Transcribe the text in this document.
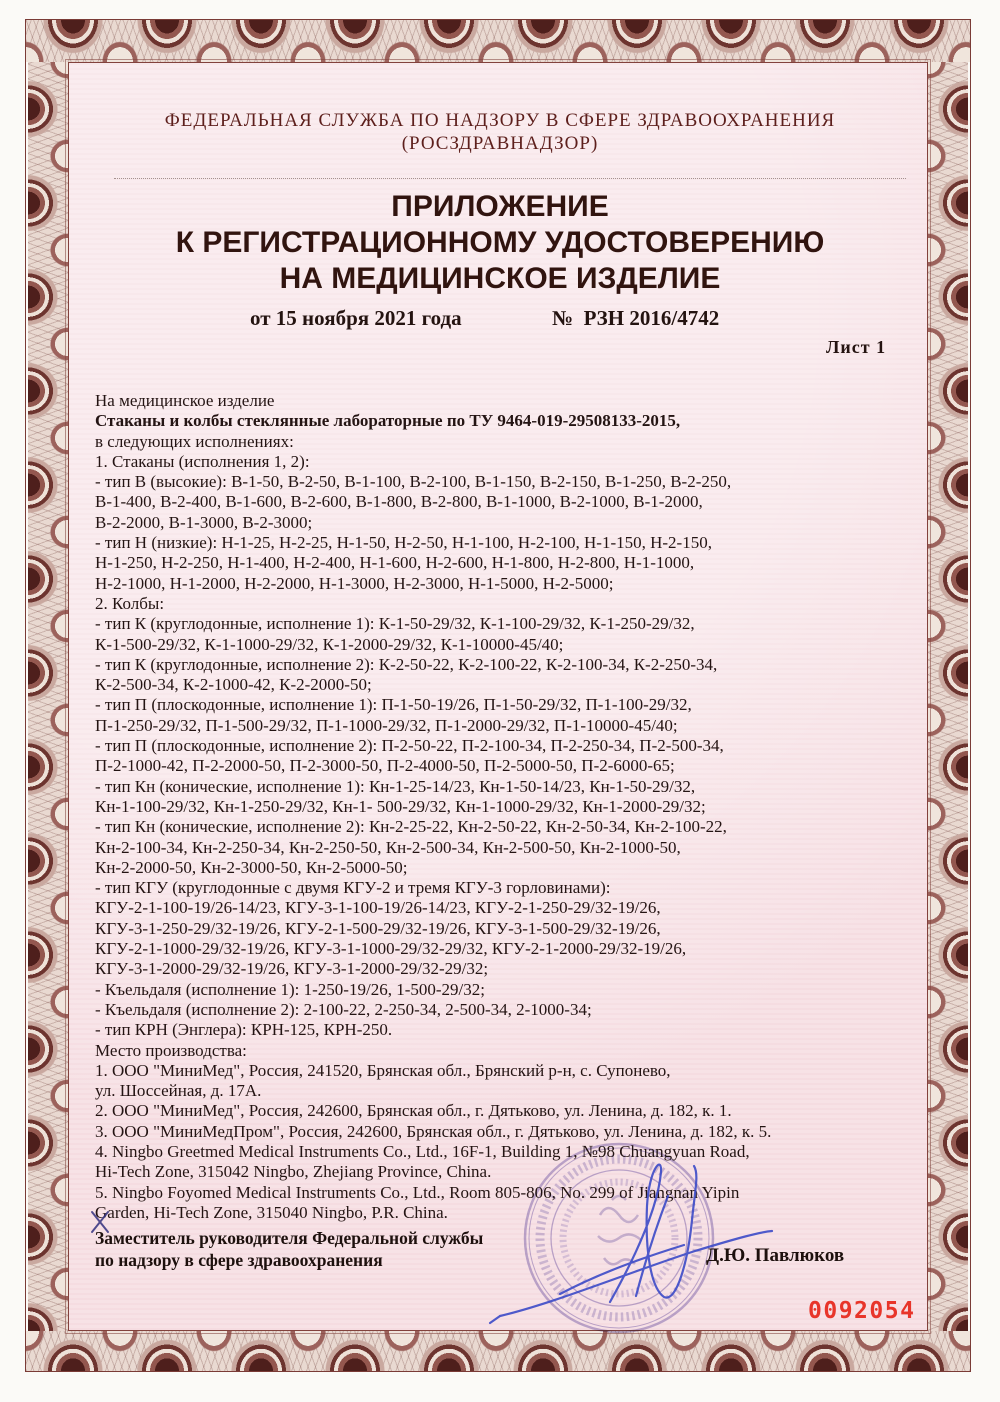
ФЕДЕРАЛЬНАЯ СЛУЖБА ПО НАДЗОРУ В СФЕРЕ ЗДРАВООХРАНЕНИЯ
(РОСЗДРАВНАДЗОР)
ПРИЛОЖЕНИЕ
К РЕГИСТРАЦИОННОМУ УДОСТОВЕРЕНИЮ
НА МЕДИЦИНСКОЕ ИЗДЕЛИЕ
от 15 ноября 2021 года	№  РЗН 2016/4742
Лист 1
На медицинское изделие
Стаканы и колбы стеклянные лабораторные по ТУ 9464-019-29508133-2015,
в следующих исполнениях:
1. Стаканы (исполнения 1, 2):
- тип В (высокие): В-1-50, В-2-50, В-1-100, В-2-100, В-1-150, В-2-150, В-1-250, В-2-250,
В-1-400, В-2-400, В-1-600, В-2-600, В-1-800, В-2-800, В-1-1000, В-2-1000, В-1-2000,
В-2-2000, В-1-3000, В-2-3000;
- тип Н (низкие): Н-1-25, Н-2-25, Н-1-50, Н-2-50, Н-1-100, Н-2-100, Н-1-150, Н-2-150,
Н-1-250, Н-2-250, Н-1-400, Н-2-400, Н-1-600, Н-2-600, Н-1-800, Н-2-800, Н-1-1000,
Н-2-1000, Н-1-2000, Н-2-2000, Н-1-3000, Н-2-3000, Н-1-5000, Н-2-5000;
2. Колбы:
- тип К (круглодонные, исполнение 1): К-1-50-29/32, К-1-100-29/32, К-1-250-29/32,
К-1-500-29/32, К-1-1000-29/32, К-1-2000-29/32, К-1-10000-45/40;
- тип К (круглодонные, исполнение 2): К-2-50-22, К-2-100-22, К-2-100-34, К-2-250-34,
К-2-500-34, К-2-1000-42, К-2-2000-50;
- тип П (плоскодонные, исполнение 1): П-1-50-19/26, П-1-50-29/32, П-1-100-29/32,
П-1-250-29/32, П-1-500-29/32, П-1-1000-29/32, П-1-2000-29/32, П-1-10000-45/40;
- тип П (плоскодонные, исполнение 2): П-2-50-22, П-2-100-34, П-2-250-34, П-2-500-34,
П-2-1000-42, П-2-2000-50, П-2-3000-50, П-2-4000-50, П-2-5000-50, П-2-6000-65;
- тип Кн (конические, исполнение 1): Кн-1-25-14/23, Кн-1-50-14/23, Кн-1-50-29/32,
Кн-1-100-29/32, Кн-1-250-29/32, Кн-1- 500-29/32, Кн-1-1000-29/32, Кн-1-2000-29/32;
- тип Кн (конические, исполнение 2): Кн-2-25-22, Кн-2-50-22, Кн-2-50-34, Кн-2-100-22,
Кн-2-100-34, Кн-2-250-34, Кн-2-250-50, Кн-2-500-34, Кн-2-500-50, Кн-2-1000-50,
Кн-2-2000-50, Кн-2-3000-50, Кн-2-5000-50;
- тип КГУ (круглодонные с двумя КГУ-2 и тремя КГУ-3 горловинами):
КГУ-2-1-100-19/26-14/23, КГУ-3-1-100-19/26-14/23, КГУ-2-1-250-29/32-19/26,
КГУ-3-1-250-29/32-19/26, КГУ-2-1-500-29/32-19/26, КГУ-3-1-500-29/32-19/26,
КГУ-2-1-1000-29/32-19/26, КГУ-3-1-1000-29/32-29/32, КГУ-2-1-2000-29/32-19/26,
КГУ-3-1-2000-29/32-19/26, КГУ-3-1-2000-29/32-29/32;
- Къельдаля (исполнение 1): 1-250-19/26, 1-500-29/32;
- Къельдаля (исполнение 2): 2-100-22, 2-250-34, 2-500-34, 2-1000-34;
- тип КРН (Энглера): КРН-125, КРН-250.
Место производства:
1. ООО "МиниМед", Россия, 241520, Брянская обл., Брянский р-н, с. Супонево,
ул. Шоссейная, д. 17А.
2. ООО "МиниМед", Россия, 242600, Брянская обл., г. Дятьково, ул. Ленина, д. 182, к. 1.
3. ООО "МиниМедПром", Россия, 242600, Брянская обл., г. Дятьково, ул. Ленина, д. 182, к. 5.
4. Ningbo Greetmed Medical Instruments Co., Ltd., 16F-1, Building 1, №98 Chuangyuan Road,
Hi-Tech Zone, 315042 Ningbo, Zhejiang Province, China.
5. Ningbo Foyomed Medical Instruments Co., Ltd., Room 805-806, No. 299 of Jiangnan Yipin
Garden, Hi-Tech Zone, 315040 Ningbo, P.R. China.
Заместитель руководителя Федеральной службы
по надзору в сфере здравоохранения	Д.Ю. Павлюков
0092054
